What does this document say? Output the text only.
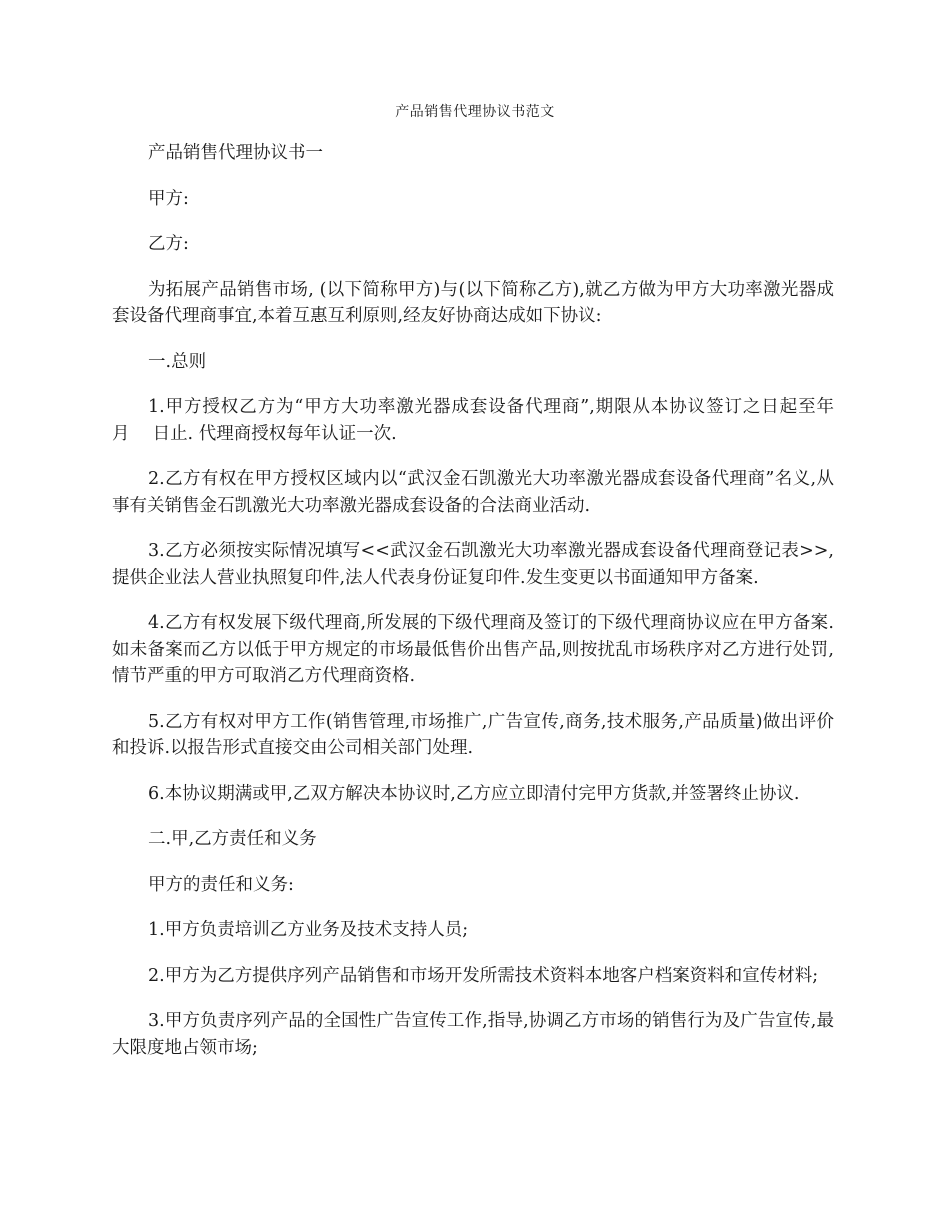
产品销售代理协议书范文

产品销售代理协议书一

甲方:

乙方:

为拓展产品销售市场, (以下简称甲方)与(以下简称乙方),就乙方做为甲方大功率激光器成套设备代理商事宜,本着互惠互利原则,经友好协商达成如下协议:

一.总则

1.甲方授权乙方为“甲方大功率激光器成套设备代理商”,期限从本协议签订之日起至年　 月　 日止. 代理商授权每年认证一次.

2.乙方有权在甲方授权区域内以“武汉金石凯激光大功率激光器成套设备代理商”名义,从事有关销售金石凯激光大功率激光器成套设备的合法商业活动.

3.乙方必须按实际情况填写<<武汉金石凯激光大功率激光器成套设备代理商登记表>>,提供企业法人营业执照复印件,法人代表身份证复印件.发生变更以书面通知甲方备案.

4.乙方有权发展下级代理商,所发展的下级代理商及签订的下级代理商协议应在甲方备案.如未备案而乙方以低于甲方规定的市场最低售价出售产品,则按扰乱市场秩序对乙方进行处罚,情节严重的甲方可取消乙方代理商资格.

5.乙方有权对甲方工作(销售管理,市场推广,广告宣传,商务,技术服务,产品质量)做出评价和投诉.以报告形式直接交由公司相关部门处理.

6.本协议期满或甲,乙双方解决本协议时,乙方应立即清付完甲方货款,并签署终止协议.

二.甲,乙方责任和义务

甲方的责任和义务:

1.甲方负责培训乙方业务及技术支持人员;

2.甲方为乙方提供序列产品销售和市场开发所需技术资料本地客户档案资料和宣传材料;

3.甲方负责序列产品的全国性广告宣传工作,指导,协调乙方市场的销售行为及广告宣传,最大限度地占领市场;
